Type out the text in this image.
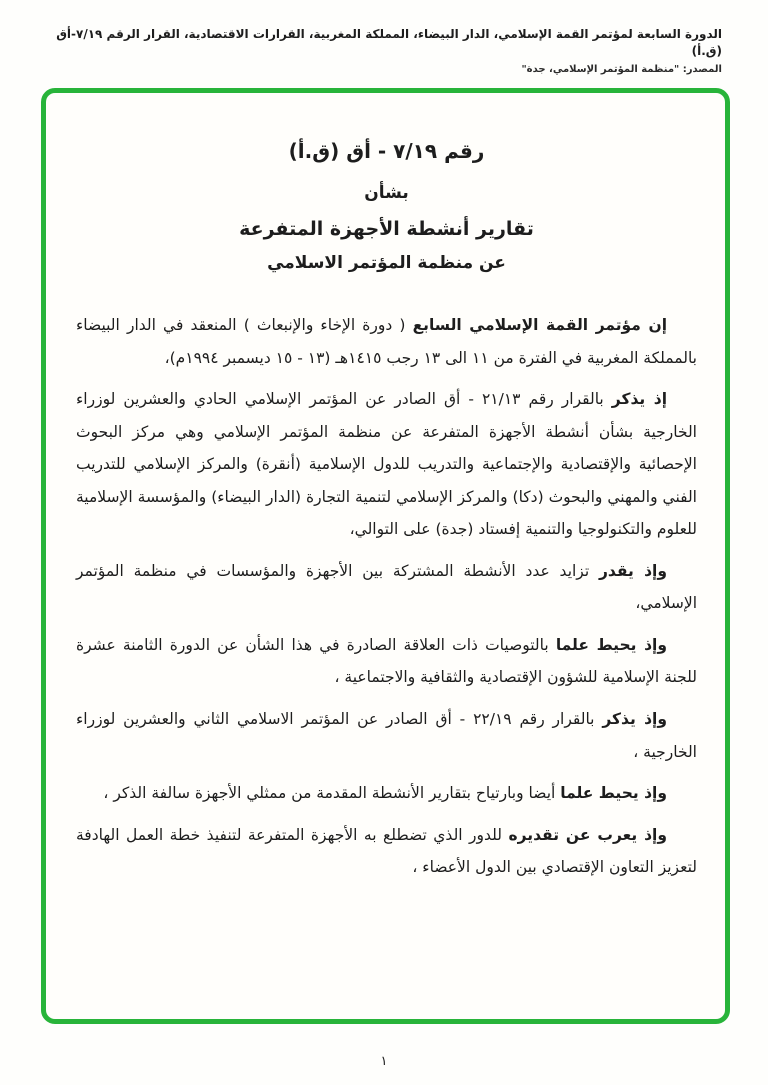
الدورة السابعة لمؤتمر القمة الإسلامي، الدار البيضاء، المملكة المغربية، القرارات الاقتصادية، القرار الرقم ٧/١٩-أق (ق.أ)
المصدر: "منظمة المؤتمر الإسلامي، جدة"
رقم ٧/١٩ - أق (ق.أ)
بشأن
تقارير أنشطة الأجهزة المتفرعة
عن منظمة المؤتمر الاسلامي

إن مؤتمر القمة الإسلامي السابع ( دورة الإخاء والإنبعاث ) المنعقد في الدار البيضاء بالمملكة المغربية في الفترة من ١١ الى ١٣ رجب ١٤١٥هـ (١٣ - ١٥ ديسمبر ١٩٩٤م)،

إذ يذكر بالقرار رقم ٢١/١٣ - أق الصادر عن المؤتمر الإسلامي الحادي والعشرين لوزراء الخارجية بشأن أنشطة الأجهزة المتفرعة عن منظمة المؤتمر الإسلامي وهي مركز البحوث الإحصائية والإقتصادية والإجتماعية والتدريب للدول الإسلامية (أنقرة) والمركز الإسلامي للتدريب الفني والمهني والبحوث (دكا) والمركز الإسلامي لتنمية التجارة (الدار البيضاء) والمؤسسة الإسلامية للعلوم والتكنولوجيا والتنمية إفستاد (جدة) على التوالي،

وإذ يقدر تزايد عدد الأنشطة المشتركة بين الأجهزة والمؤسسات في منظمة المؤتمر الإسلامي،

وإذ يحيط علما بالتوصيات ذات العلاقة الصادرة في هذا الشأن عن الدورة الثامنة عشرة للجنة الإسلامية للشؤون الإقتصادية والثقافية والاجتماعية ،

وإذ يذكر بالقرار رقم ٢٢/١٩ - أق الصادر عن المؤتمر الاسلامي الثاني والعشرين لوزراء الخارجية ،

وإذ يحيط علما أيضا وبارتياح بتقارير الأنشطة المقدمة من ممثلي الأجهزة سالفة الذكر ،

وإذ يعرب عن تقديره للدور الذي تضطلع به الأجهزة المتفرعة لتنفيذ خطة العمل الهادفة لتعزيز التعاون الإقتصادي بين الدول الأعضاء ،

١
